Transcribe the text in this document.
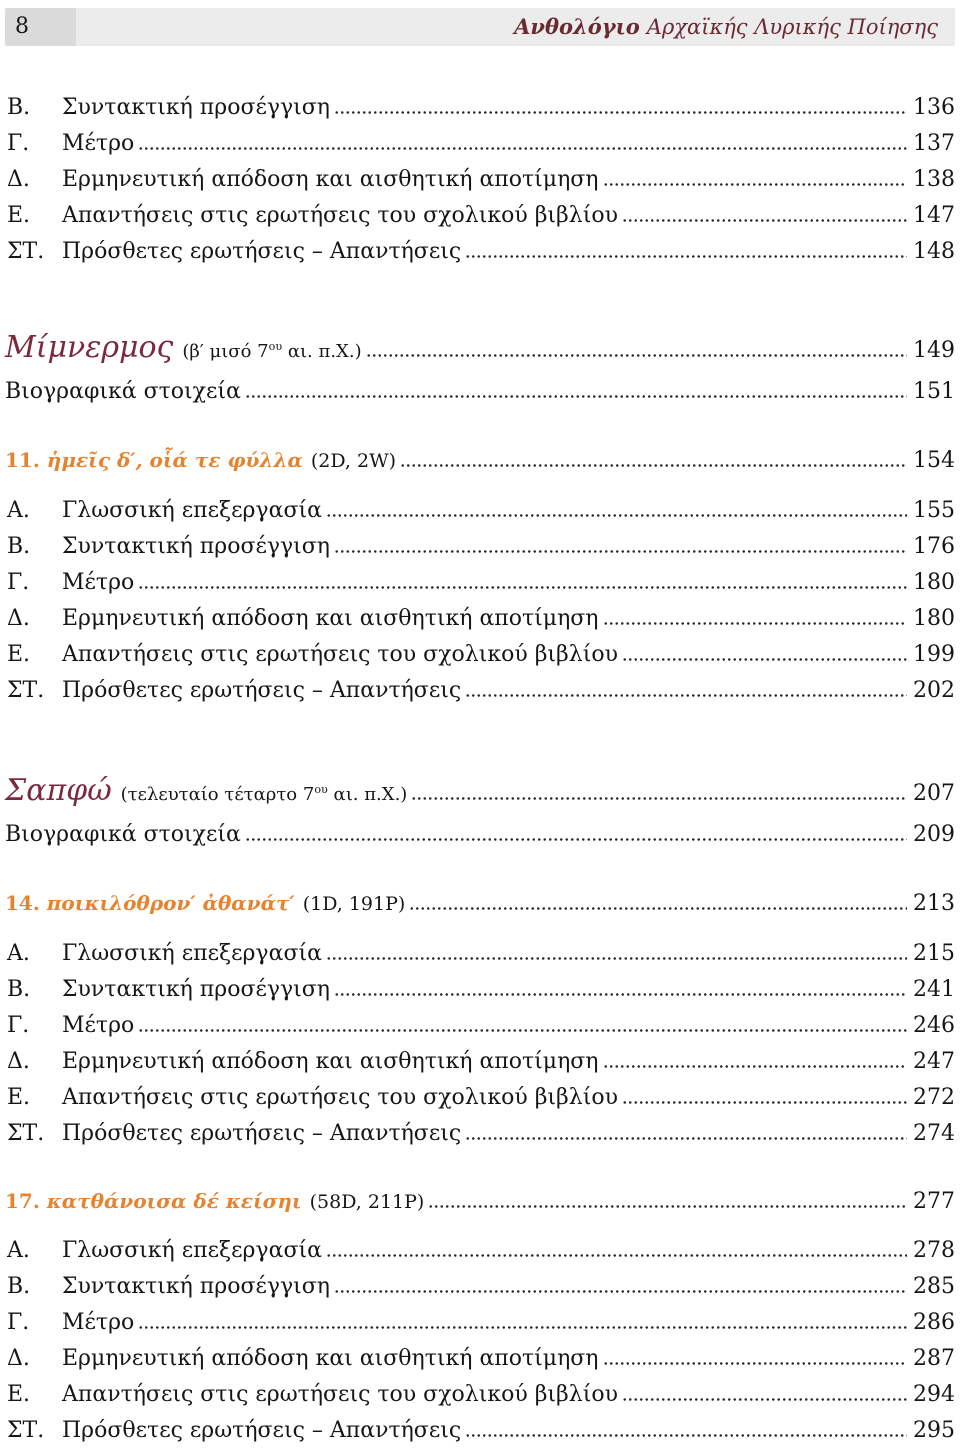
8	Ανθολόγιο Αρχαϊκής Λυρικής Ποίησης
Β.	Συντακτική προσέγγιση	136
Γ.	Μέτρο	137
Δ.	Ερμηνευτική απόδοση και αισθητική αποτίμηση	138
Ε.	Απαντήσεις στις ερωτήσεις του σχολικού βιβλίου	147
ΣΤ. Πρόσθετες ερωτήσεις – Απαντήσεις	148
Μίμνερμος (β′ μισό $7^{o\upsilon}$ αι. π.Χ.)	149
Βιογραφικά στοιχεία	151
11. ἡμεῖς δ′, οἷά τε φύλλα (2D, 2W)	154
Α.	Γλωσσική επεξεργασία	155
Β.	Συντακτική προσέγγιση	176
Γ.	Μέτρο	180
Δ.	Ερμηνευτική απόδοση και αισθητική αποτίμηση	180
Ε.	Απαντήσεις στις ερωτήσεις του σχολικού βιβλίου	199
ΣΤ. Πρόσθετες ερωτήσεις – Απαντήσεις	202
Σαπφώ (τελευταίο τέταρτο $7^{o\upsilon}$ αι. π.Χ.)	207
Βιογραφικά στοιχεία	209
14. ποικιλόθρον′ ἀθανάτ′ (1D, 191P)	213
Α.	Γλωσσική επεξεργασία	215
Β.	Συντακτική προσέγγιση	241
Γ.	Μέτρο	246
Δ.	Ερμηνευτική απόδοση και αισθητική αποτίμηση	247
Ε.	Απαντήσεις στις ερωτήσεις του σχολικού βιβλίου	272
ΣΤ. Πρόσθετες ερωτήσεις – Απαντήσεις	274
17. κατθάνοισα δέ κείσηι (58D, 211P)	277
Α.	Γλωσσική επεξεργασία	278
Β.	Συντακτική προσέγγιση	285
Γ.	Μέτρο	286
Δ.	Ερμηνευτική απόδοση και αισθητική αποτίμηση	287
Ε.	Απαντήσεις στις ερωτήσεις του σχολικού βιβλίου	294
ΣΤ. Πρόσθετες ερωτήσεις – Απαντήσεις	295
